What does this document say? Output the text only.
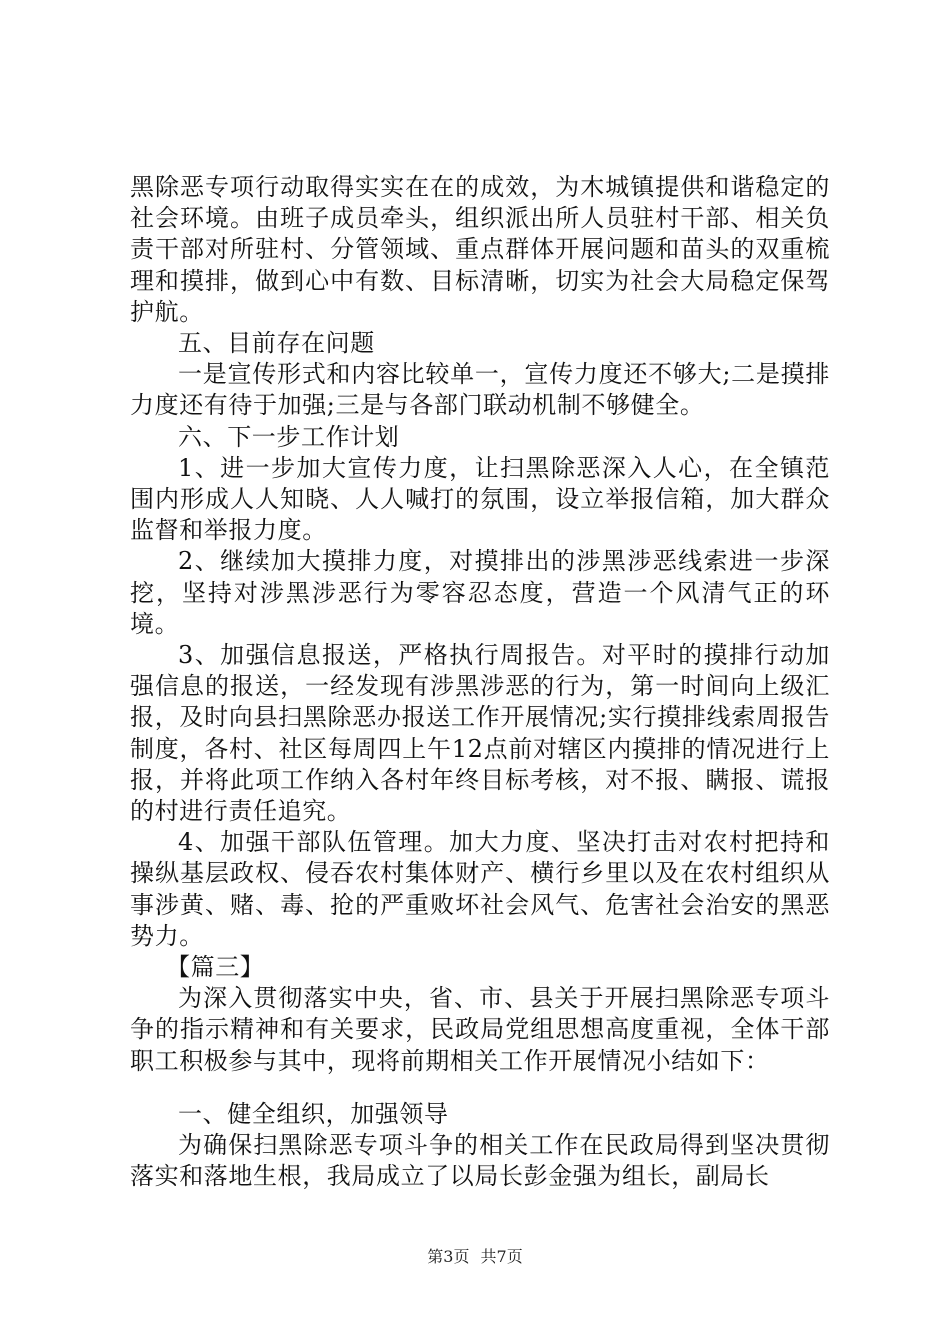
黑除恶专项行动取得实实在在的成效，为木城镇提供和谐稳定的社会环境。由班子成员牵头，组织派出所人员驻村干部、相关负责干部对所驻村、分管领域、重点群体开展问题和苗头的双重梳理和摸排，做到心中有数、目标清晰，切实为社会大局稳定保驾护航。

五、目前存在问题

一是宣传形式和内容比较单一，宣传力度还不够大;二是摸排力度还有待于加强;三是与各部门联动机制不够健全。

六、下一步工作计划

1、进一步加大宣传力度，让扫黑除恶深入人心，在全镇范围内形成人人知晓、人人喊打的氛围，设立举报信箱，加大群众监督和举报力度。

2、继续加大摸排力度，对摸排出的涉黑涉恶线索进一步深挖，坚持对涉黑涉恶行为零容忍态度，营造一个风清气正的环境。

3、加强信息报送，严格执行周报告。对平时的摸排行动加强信息的报送，一经发现有涉黑涉恶的行为，第一时间向上级汇报，及时向县扫黑除恶办报送工作开展情况;实行摸排线索周报告制度，各村、社区每周四上午12点前对辖区内摸排的情况进行上报，并将此项工作纳入各村年终目标考核，对不报、瞒报、谎报的村进行责任追究。

4、加强干部队伍管理。加大力度、坚决打击对农村把持和操纵基层政权、侵吞农村集体财产、横行乡里以及在农村组织从事涉黄、赌、毒、抢的严重败坏社会风气、危害社会治安的黑恶势力。

【篇三】

为深入贯彻落实中央，省、市、县关于开展扫黑除恶专项斗争的指示精神和有关要求，民政局党组思想高度重视，全体干部职工积极参与其中，现将前期相关工作开展情况小结如下：

一、健全组织，加强领导

为确保扫黑除恶专项斗争的相关工作在民政局得到坚决贯彻落实和落地生根，我局成立了以局长彭金强为组长，副局长

第3页 共7页
